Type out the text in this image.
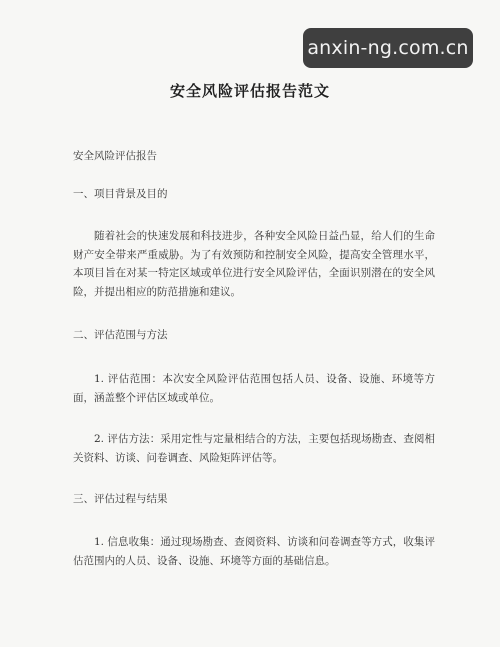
anxin-ng.com.cn
安全风险评估报告范文
安全风险评估报告
一、项目背景及目的
随着社会的快速发展和科技进步，各种安全风险日益凸显，给人们的生命财产安全带来严重威胁。为了有效预防和控制安全风险，提高安全管理水平，本项目旨在对某一特定区域或单位进行安全风险评估，全面识别潜在的安全风险，并提出相应的防范措施和建议。
二、评估范围与方法
1. 评估范围：本次安全风险评估范围包括人员、设备、设施、环境等方面，涵盖整个评估区域或单位。
2. 评估方法：采用定性与定量相结合的方法，主要包括现场勘查、查阅相关资料、访谈、问卷调查、风险矩阵评估等。
三、评估过程与结果
1. 信息收集：通过现场勘查、查阅资料、访谈和问卷调查等方式，收集评估范围内的人员、设备、设施、环境等方面的基础信息。
